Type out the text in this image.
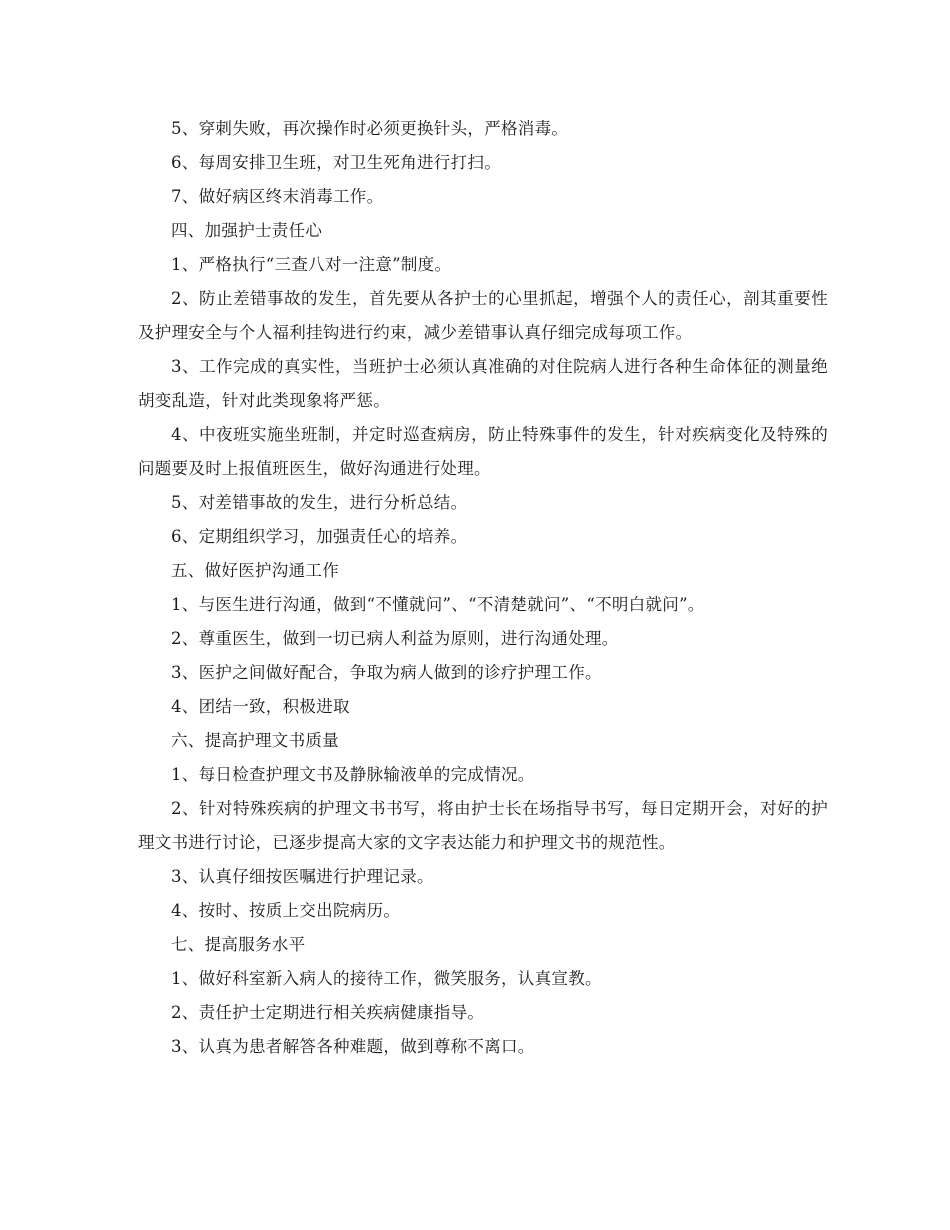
5、穿刺失败，再次操作时必须更换针头，严格消毒。

6、每周安排卫生班，对卫生死角进行打扫。

7、做好病区终末消毒工作。

四、加强护士责任心

1、严格执行“三查八对一注意”制度。

2、防止差错事故的发生，首先要从各护士的心里抓起，增强个人的责任心，剖其重要性及护理安全与个人福利挂钩进行约束，减少差错事认真仔细完成每项工作。

3、工作完成的真实性，当班护士必须认真准确的对住院病人进行各种生命体征的测量绝胡变乱造，针对此类现象将严惩。

4、中夜班实施坐班制，并定时巡查病房，防止特殊事件的发生，针对疾病变化及特殊的问题要及时上报值班医生，做好沟通进行处理。

5、对差错事故的发生，进行分析总结。

6、定期组织学习，加强责任心的培养。

五、做好医护沟通工作

1、与医生进行沟通，做到“不懂就问”、“不清楚就问”、“不明白就问”。

2、尊重医生，做到一切已病人利益为原则，进行沟通处理。

3、医护之间做好配合，争取为病人做到的诊疗护理工作。

4、团结一致，积极进取

六、提高护理文书质量

1、每日检查护理文书及静脉输液单的完成情况。

2、针对特殊疾病的护理文书书写，将由护士长在场指导书写，每日定期开会，对好的护理文书进行讨论，已逐步提高大家的文字表达能力和护理文书的规范性。

3、认真仔细按医嘱进行护理记录。

4、按时、按质上交出院病历。

七、提高服务水平

1、做好科室新入病人的接待工作，微笑服务，认真宣教。

2、责任护士定期进行相关疾病健康指导。

3、认真为患者解答各种难题，做到尊称不离口。
